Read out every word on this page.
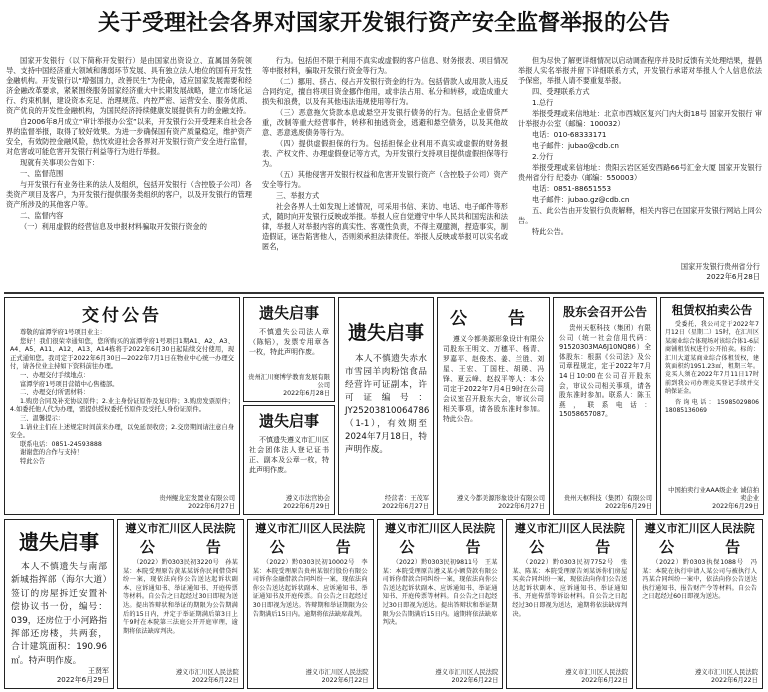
关于受理社会各界对国家开发银行资产安全监督举报的公告

国家开发银行（以下简称开发银行）是由国家出资设立、直属国务院领导、支持中国经济重大领域和薄弱环节发展、具有独立法人地位的国有开发性金融机构。开发银行以“增强国力，改善民生”为使命，适应国家发展需要和经济金融改革要求，紧紧围绕服务国家经济重大中长期发展战略，建立市场化运行、约束机制，建设资本充足、治理规范、内控严密、运营安全、服务优质、资产优良的开发性金融机构，为国民经济持续健康发展提供有力的金融支持。

自2006年8月成立“审计举报办公室”以来，开发银行公开受理来自社会各界的监督举报，取得了较好效果。为进一步确保国有资产质量稳定，维护资产安全，有效防控金融风险，热忱欢迎社会各界对开发银行资产安全进行监督，对危害或可能危害开发银行利益等行为进行举报。

现就有关事项公告如下：

一、监督范围

与开发银行有业务往来的法人及组织，包括开发银行（含控股子公司）各类资产项目及客户，为开发银行提供服务类组织的客户，以及开发银行的管理资产所涉及的其他客户等。

二、监督内容

（一）利用虚假的经营信息及申报材料骗取开发银行资金的

行为。包括但不限于利用不真实或虚假的客户信息、财务报表、项目情况等申报材料，骗取开发银行资金等行为。

（二）挪用、挤占、侵占开发银行资金的行为。包括借款人或用款人违反合同约定，擅自将项目资金挪作他用，或非法占用、私分和转移，或造成重大损失和浪费，以及有其他违法违规使用等行为。

（三）恶意拖欠贷款本息或悬空开发银行债务的行为。包括企业借贷严重，改制等重大经营事件，转移和抽逃资金，逃避和悬空债务，以及其他故意、恶意逃废债务等行为。

（四）提供虚假担保的行为。包括担保企业利用不真实或虚假的财务报表、产权文件、办理虚假登记等方式，为开发银行支持项目提供虚假担保等行为。

（五）其他侵害开发银行权益和危害开发银行资产（含控股子公司）资产安全等行为。

三、举报方式

社会各界人士如发现上述情况，可采用书信、来访、电话、电子邮件等形式，随时向开发银行反映或举报。举报人应自觉遵守中华人民共和国宪法和法律，举报人对举报内容的真实性、客观性负责，不得主观臆测，捏造事实，制造假证，诬告陷害他人，否则须承担法律责任。举报人反映或举报可以实名或匿名，

但为尽快了解更详细情况以启动调查程序并及时反馈有关处理结果，提倡举报人实名举报并留下详细联系方式，开发银行承诺对举报人个人信息依法予保密，举报人请不要重复举报。

四、受理联系方式

1.总行

举报受理或来信地址：北京市西城区复兴门内大街18号 国家开发银行 审计举报办公室（邮编：100032）

电话：010-68333171

电子邮件：jubao@cdb.cn

2.分行

举报受理或来信地址：贵阳云岩区延安西路66号汇金大厦 国家开发银行贵州省分行 纪委办（邮编：550003）

电话：0851-88651553

电子邮件：jubao.gz@cdb.cn

五、此公告由开发银行负责解释，相关内容已在国家开发银行网站上同公告。

特此公告。

国家开发银行贵州省分行
2022年6月28日
交付公告

尊敬的富潭学府1号项目业主：

您好！我们很荣幸通知您，您所购买的富潭学府1号项目1期A1、A2、A3、A4、A5、A11、A12、A13、A14栋将于2022年6月30日起陆续交付使用，现正式通知您。我司定于2022年6月30日—2022年7月1日在物业中心统一办理交付，请各位业主持如下资料前往办理。

一、办理交付手续地点：

富潭学府1号项目营销中心售楼部。

二、办理交付所需材料：

1.购房合同及补充协议原件；2.业主身份证原件及复印件；3.购房发票原件；4.如委托他人代为办理，需提供授权委托书原件及受托人身份证原件。

三、温馨提示：

1.请业主们在上述规定时间前来办理，以免延误收房；2.交房期间请注意自身安全。

联系电话：0851-24593888

谢谢您的合作与支持！

特此公告

贵州鲲龙宏发置业有限公司
2022年6月27日
遗失启事

不慎遗失公司法人章（陈韬），发票专用章各一枚，特此声明作废。

贵州汇川赛博学教育发展有限公司
2022年6月28日
遗失启事

不慎遗失遵义市汇川区社会团体法人登记证书正、副本及公章一枚，特此声明作废。

遵义市法官协会
2022年6月29日
遗失启事

本人不慎遗失赤水市雪园羊肉粉馆食品经营许可证副本，许可证编号：JY25203810064786（1-1），有效期至2024年7月18日，特声明作废。

经营者：王茂军
2022年6月27日
公　告

遵义今都美源形象设计有限公司股东王明文、万穗平、杨青、罗嘉平、赵俊杰、姜、兰胜、刘星、王宏、丁国柱、胡瑛、冯锋、夏云峰、赵叔平等人：本公司定于2022年7月4日9时在公司会议室召开股东大会，审议公司相关事项，请各股东准时参加。特此公告。

遵义今都美源形象设计有限公司
2022年6月27日
股东会召开公告

贵州天枢科技（集团）有限公司（统一社会信用代码：91520303MA6J10NQ86）全体股东：根据《公司法》及公司章程规定，定于2022年7月14日10:00在公司召开股东会，审议公司相关事项，请各股东准时参加。联系人：陈玉燕，联系电话：15058657087。

贵州天枢科技（集团）有限公司
2022年6月29日
租赁权拍卖公告

受委托，我公司定于2022年7月12日（星期二）15时，在汇川区某商业综合体现场对该综合体1-6层商铺租赁权进行公开拍卖。标的：汇川大道某商业综合体租赁权，建筑面积约1951.23㎡，租期三年。竞买人须在2022年7月11日17时前到我公司办理竞买登记手续并交纳保证金。

咨询电话：15985029806　18085136069

中国拍卖行业AAA级企业 诚信拍卖企业
2022年6月29日
遗失启事

本人不慎遗失与南部新城指挥部（海尔大道）签订的房屋拆迁安置补偿协议书一份，编号：039，还房位于小河路指挥部还房楼，共两套，合计建筑面积：190.96㎡。特声明作废。

王贤军
2022年6月29日
遵义市汇川区人民法院
公　告

（2022）黔0303民初3220号　孙某某：本院受理原告黄某某诉你民间借贷纠纷一案，现依法向你公告送达起诉状副本、应诉通知书、举证通知书、开庭传票等材料。自公告之日起经过30日即视为送达。提出答辩状和举证的期限为公告期满后的15日内，并定于举证期满后第3日上午9时在本院第三法庭公开开庭审理，逾期将依法缺席判决。

遵义市汇川区人民法院
2022年6月22日
遵义市汇川区人民法院
公　告

（2022）黔0303民初10002号　李某：本院受理原告贵州某银行股份有限公司诉你金融借款合同纠纷一案，现依法向你公告送达起诉状副本、应诉通知书、举证通知书及开庭传票。自公告之日起经过30日即视为送达。答辩期和举证期限为公告期满后15日内。逾期将依法缺席裁判。

遵义市汇川区人民法院
2022年6月22日
遵义市汇川区人民法院
公　告

（2022）黔0303民初9811号　王某某：本院受理原告遵义某小额贷款有限公司诉你借款合同纠纷一案，现依法向你公告送达起诉状副本、应诉通知书、举证通知书、开庭传票等材料。自公告之日起经过30日即视为送达。提出答辩状和举证期限为公告期满后15日内。逾期将依法缺席判决。

遵义市汇川区人民法院
2022年6月22日
遵义市汇川区人民法院
公　告

（2022）黔0303民初7752号　张某、陈某：本院受理原告刘某诉你们房屋买卖合同纠纷一案，现依法向你们公告送达起诉状副本、应诉通知书、举证通知书、开庭传票等诉讼材料。自公告之日起经过30日即视为送达，逾期将依法缺席判决。

遵义市汇川区人民法院
2022年6月22日
遵义市汇川区人民法院
公　告

（2022）黔0303执保1088号　冯某：本院在执行申请人某公司与被执行人冯某合同纠纷一案中，依法向你公告送达执行通知书、报告财产令等材料。自公告之日起经过60日即视为送达。

遵义市汇川区人民法院
2022年6月22日
